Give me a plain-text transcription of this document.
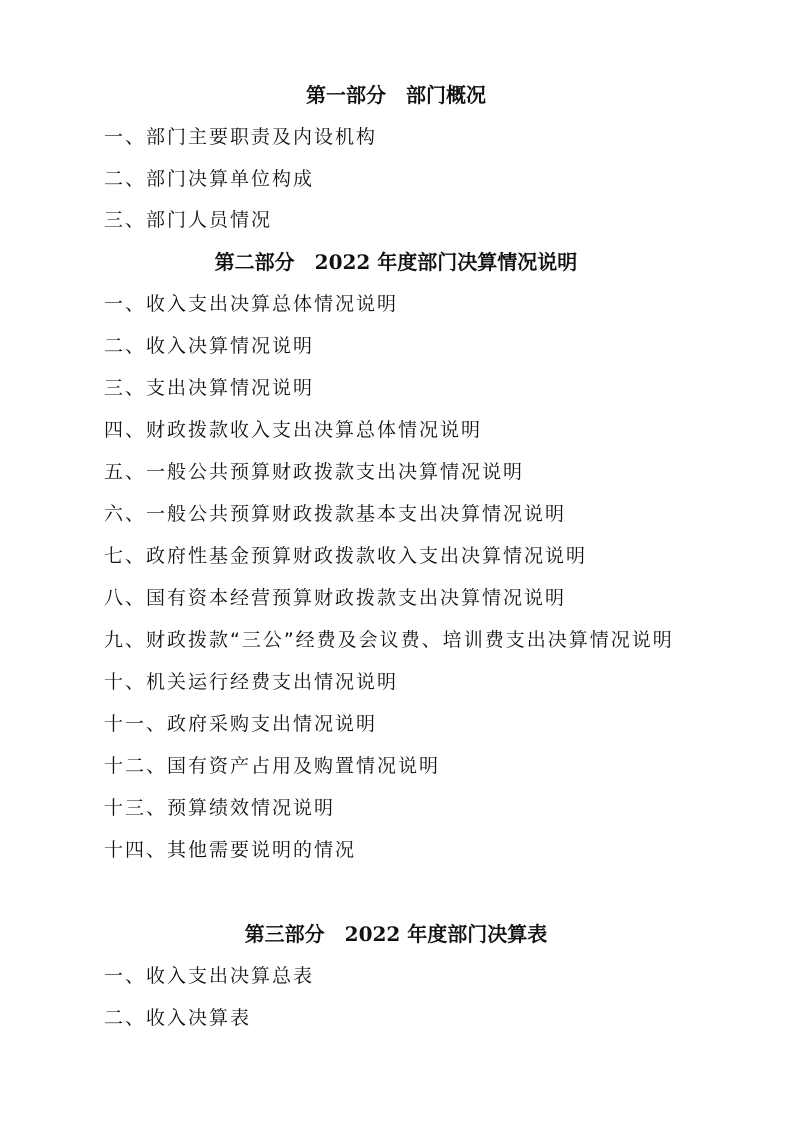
第一部分　部门概况
一、部门主要职责及内设机构
二、部门决算单位构成
三、部门人员情况
第二部分　2022 年度部门决算情况说明
一、收入支出决算总体情况说明
二、收入决算情况说明
三、支出决算情况说明
四、财政拨款收入支出决算总体情况说明
五、一般公共预算财政拨款支出决算情况说明
六、一般公共预算财政拨款基本支出决算情况说明
七、政府性基金预算财政拨款收入支出决算情况说明
八、国有资本经营预算财政拨款支出决算情况说明
九、财政拨款“三公”经费及会议费、培训费支出决算情况说明
十、机关运行经费支出情况说明
十一、政府采购支出情况说明
十二、国有资产占用及购置情况说明
十三、预算绩效情况说明
十四、其他需要说明的情况
第三部分　2022 年度部门决算表
一、收入支出决算总表
二、收入决算表
